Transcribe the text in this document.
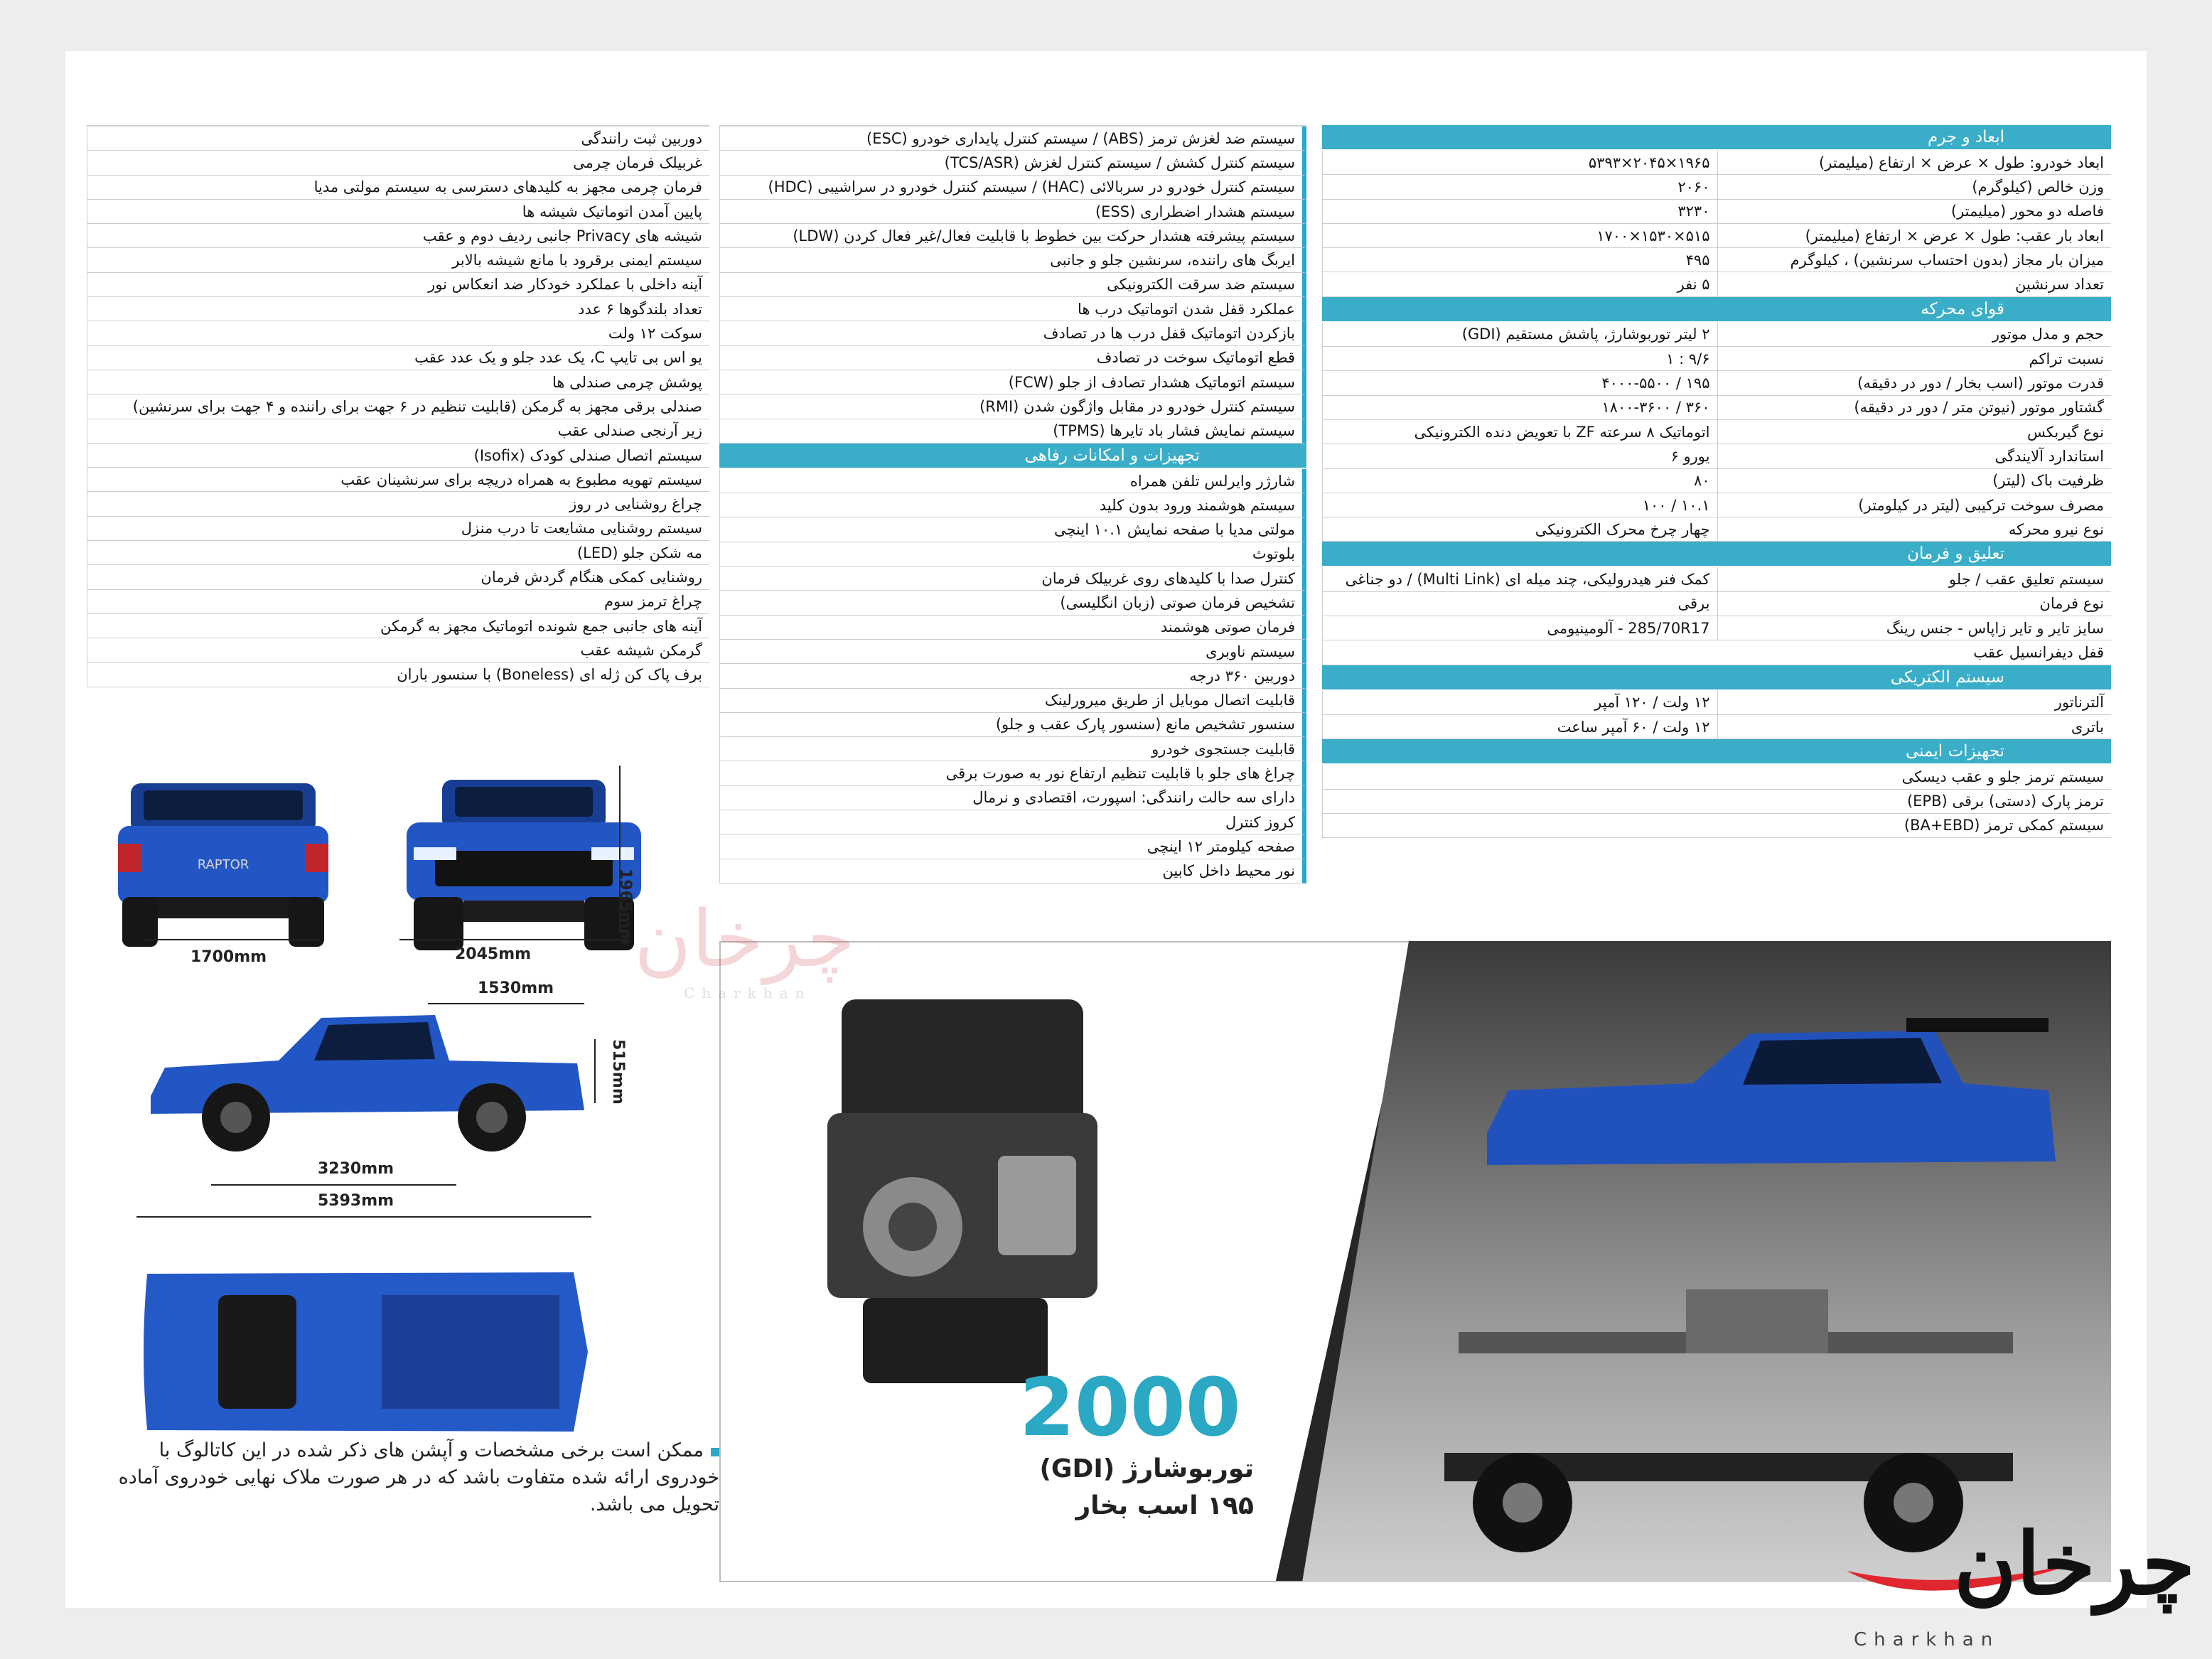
دوربین ثبت رانندگی
غربیلک فرمان چرمی
فرمان چرمی مجهز به کلیدهای دسترسی به سیستم مولتی مدیا
پایین آمدن اتوماتیک شیشه ها
شیشه های Privacy جانبی ردیف دوم و عقب
سیستم ایمنی برقرود با مانع شیشه بالابر
آینه داخلی با عملکرد خودکار ضد انعکاس نور
تعداد بلندگوها ۶ عدد
سوکت ۱۲ ولت
یو اس بی تایپ C، یک عدد جلو و یک عدد عقب
پوشش چرمی صندلی ها
صندلی برقی مجهز به گرمکن (قابلیت تنظیم در ۶ جهت برای راننده و ۴ جهت برای سرنشین)
زیر آرنجی صندلی عقب
سیستم اتصال صندلی کودک (Isofix)
سیستم تهویه مطبوع به همراه دریچه برای سرنشینان عقب
چراغ روشنایی در روز
سیستم روشنایی مشایعت تا درب منزل
مه شکن جلو (LED)
روشنایی کمکی هنگام گردش فرمان
چراغ ترمز سوم
آینه های جانبی جمع شونده اتوماتیک مجهز به گرمکن
گرمکن شیشه عقب
برف پاک کن ژله ای (Boneless) با سنسور باران
سیستم ضد لغزش ترمز (ABS) / سیستم کنترل پایداری خودرو (ESC)
سیستم کنترل کشش / سیستم کنترل لغزش (TCS/ASR)
سیستم کنترل خودرو در سربالائی (HAC) / سیستم کنترل خودرو در سراشیبی (HDC)
سیستم هشدار اضطراری (ESS)
سیستم پیشرفته هشدار حرکت بین خطوط با قابلیت فعال/غیر فعال کردن (LDW)
ایربگ های راننده، سرنشین جلو و جانبی
سیستم ضد سرقت الکترونیکی
عملکرد قفل شدن اتوماتیک درب ها
بازکردن اتوماتیک قفل درب ها در تصادف
قطع اتوماتیک سوخت در تصادف
سیستم اتوماتیک هشدار تصادف از جلو (FCW)
سیستم کنترل خودرو در مقابل واژگون شدن (RMI)
سیستم نمایش فشار باد تایرها (TPMS)
تجهیزات و امکانات رفاهی
شارژر وایرلس تلفن همراه
سیستم هوشمند ورود بدون کلید
مولتی مدیا با صفحه نمایش ۱۰.۱ اینچی
بلوتوث
کنترل صدا با کلیدهای روی غربیلک فرمان
تشخیص فرمان صوتی (زبان انگلیسی)
فرمان صوتی هوشمند
سیستم ناوبری
دوربین ۳۶۰ درجه
قابلیت اتصال موبایل از طریق میرورلینک
سنسور تشخیص مانع (سنسور پارک عقب و جلو)
قابلیت جستجوی خودرو
چراغ های جلو با قابلیت تنظیم ارتفاع نور به صورت برقی
دارای سه حالت رانندگی: اسپورت، اقتصادی و نرمال
کروز کنترل
صفحه کیلومتر ۱۲ اینچی
نور محیط داخل کابین
ابعاد و جرم
ابعاد خودرو: طول × عرض × ارتفاع (میلیمتر)
۱۹۶۵×۲۰۴۵×۵۳۹۳
وزن خالص (کیلوگرم)
۲۰۶۰
فاصله دو محور (میلیمتر)
۳۲۳۰
ابعاد بار عقب: طول × عرض × ارتفاع (میلیمتر)
۵۱۵×۱۵۳۰×۱۷۰۰
میزان بار مجاز (بدون احتساب سرنشین) ، کیلوگرم
۴۹۵
تعداد سرنشین
۵ نفر
قوای محرکه
حجم و مدل موتور
۲ لیتر توربوشارژ، پاشش مستقیم (GDI)
نسبت تراکم
۹/۶ : ۱
قدرت موتور (اسب بخار / دور در دقیقه)
۱۹۵ / ۴۰۰۰-۵۵۰۰
گشتاور موتور (نیوتن متر / دور در دقیقه)
۳۶۰ / ۱۸۰۰-۳۶۰۰
نوع گیربکس
اتوماتیک ۸ سرعته ZF با تعویض دنده الکترونیکی
استاندارد آلایندگی
یورو ۶
ظرفیت باک (لیتر)
۸۰
مصرف سوخت ترکیبی (لیتر در کیلومتر)
۱۰.۱ / ۱۰۰
نوع نیرو محرکه
چهار چرخ محرک الکترونیکی
تعلیق و فرمان
سیستم تعلیق عقب / جلو
کمک فنر هیدرولیکی، چند میله ای (Multi Link) / دو جناغی
نوع فرمان
برقی
سایز تایر و تایر زاپاس - جنس رینگ
285/70R17 - آلومینیومی
قفل دیفرانسیل عقب
سیستم الکتریکی
آلترناتور
۱۲ ولت / ۱۲۰ آمپر
باتری
۱۲ ولت / ۶۰ آمپر ساعت
تجهیزات ایمنی
سیستم ترمز جلو و عقب دیسکی
ترمز پارک (دستی) برقی (EPB)
سیستم کمکی ترمز (BA+EBD)
RAPTOR
1700mm	2045mm
1965mm
1530mm
515mm
3230mm
5393mm
2000
توربوشارژ (GDI)
۱۹۵ اسب بخار
ممکن است برخی مشخصات و آپشن های ذکر شده در این کاتالوگ با خودروی ارائه شده متفاوت باشد که در هر صورت ملاک نهایی خودروی آماده تحویل می باشد.
چرخان
Charkhan
چرخان
Charkhan
